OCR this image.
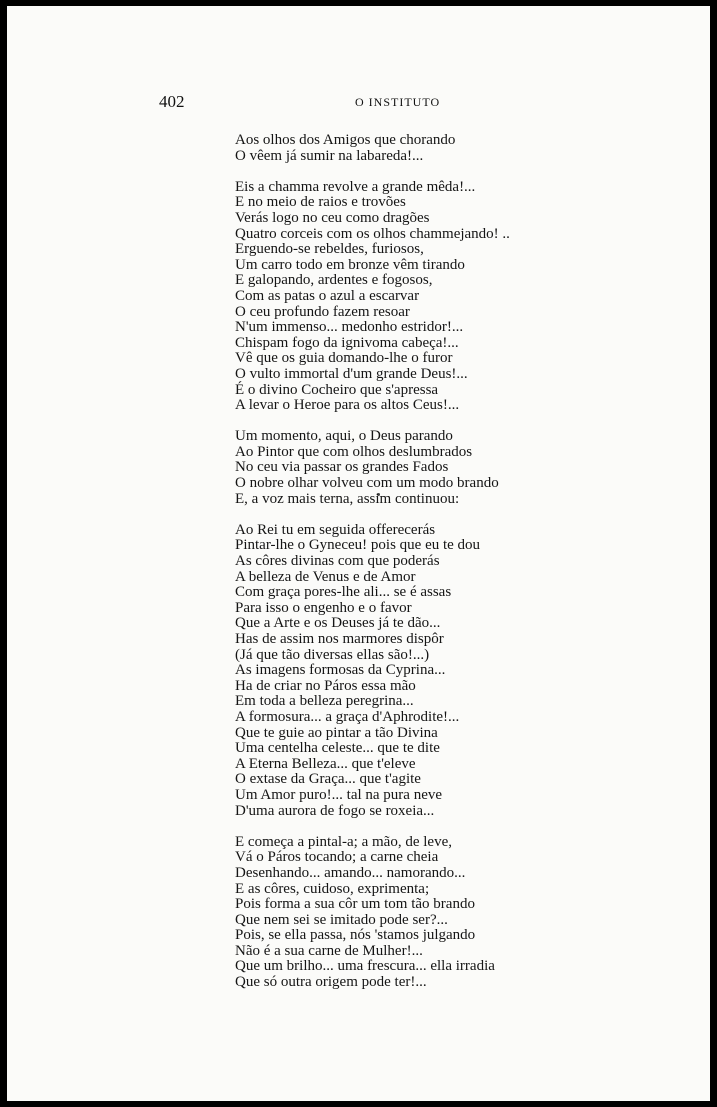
402	O INSTITUTO
Aos olhos dos Amigos que chorando
O vêem já sumir na labareda!...
Eis a chamma revolve a grande mêda!...
E no meio de raios e trovões
Verás logo no ceu como dragões
Quatro corceis com os olhos chammejando! ..
Erguendo-se rebeldes, furiosos,
Um carro todo em bronze vêm tirando
E galopando, ardentes e fogosos,
Com as patas o azul a escarvar
O ceu profundo fazem resoar
N'um immenso... medonho estridor!...
Chispam fogo da ignivoma cabeça!...
Vê que os guia domando-lhe o furor
O vulto immortal d'um grande Deus!...
É o divino Cocheiro que s'apressa
A levar o Heroe para os altos Ceus!...
Um momento, aqui, o Deus parando
Ao Pintor que com olhos deslumbrados
No ceu via passar os grandes Fados
O nobre olhar volveu com um modo brando
E, a voz mais terna, assim continuou:
Ao Rei tu em seguida offerecerás
Pintar-lhe o Gyneceu! pois que eu te dou
As côres divinas com que poderás
A belleza de Venus e de Amor
Com graça pores-lhe ali... se é assas
Para isso o engenho e o favor
Que a Arte e os Deuses já te dão...
Has de assim nos marmores dispôr
(Já que tão diversas ellas são!...)
As imagens formosas da Cyprina...
Ha de criar no Páros essa mão
Em toda a belleza peregrina...
A formosura... a graça d'Aphrodite!...
Que te guie ao pintar a tão Divina
Uma centelha celeste... que te dite
A Eterna Belleza... que t'eleve
O extase da Graça... que t'agite
Um Amor puro!... tal na pura neve
D'uma aurora de fogo se roxeia...
E começa a pintal-a; a mão, de leve,
Vá o Páros tocando; a carne cheia
Desenhando... amando... namorando...
E as côres, cuidoso, exprimenta;
Pois forma a sua côr um tom tão brando
Que nem sei se imitado pode ser?...
Pois, se ella passa, nós 'stamos julgando
Não é a sua carne de Mulher!...
Que um brilho... uma frescura... ella irradia
Que só outra origem pode ter!...
